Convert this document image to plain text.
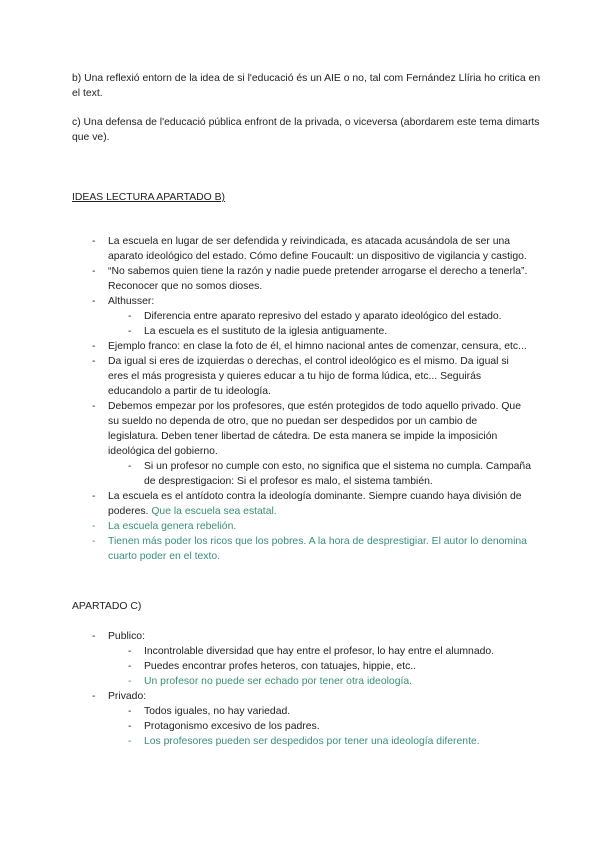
b) Una reflexió entorn de la idea de si l'educació és un AIE o no, tal com Fernández Llíria ho critica en el text.

c) Una defensa de l'educació pública enfront de la privada, o viceversa (abordarem este tema dimarts que ve).

IDEAS LECTURA APARTADO B)

- La escuela en lugar de ser defendida y reivindicada, es atacada acusándola de ser una aparato ideológico del estado. Cómo define Foucault: un dispositivo de vigilancia y castigo.
- “No sabemos quien tiene la razón y nadie puede pretender arrogarse el derecho a tenerla”. Reconocer que no somos dioses.
- Althusser:
- Diferencia entre aparato represivo del estado y aparato ideológico del estado.
- La escuela es el sustituto de la iglesia antiguamente.
- Ejemplo franco: en clase la foto de él, el himno nacional antes de comenzar, censura, etc...
- Da igual si eres de izquierdas o derechas, el control ideológico es el mismo. Da igual si eres el más progresista y quieres educar a tu hijo de forma lúdica, etc... Seguirás educandolo a partir de tu ideología.
- Debemos empezar por los profesores, que estén protegidos de todo aquello privado. Que su sueldo no dependa de otro, que no puedan ser despedidos por un cambio de legislatura. Deben tener libertad de cátedra. De esta manera se impide la imposición ideológica del gobierno.
- Si un profesor no cumple con esto, no significa que el sistema no cumpla. Campaña de desprestigacion: Si el profesor es malo, el sistema también.
- La escuela es el antídoto contra la ideología dominante. Siempre cuando haya división de poderes. Que la escuela sea estatal.
- La escuela genera rebelión.
- Tienen más poder los ricos que los pobres. A la hora de desprestigiar. El autor lo denomina cuarto poder en el texto.

APARTADO C)

- Publico:
- Incontrolable diversidad que hay entre el profesor, lo hay entre el alumnado.
- Puedes encontrar profes heteros, con tatuajes, hippie, etc..
- Un profesor no puede ser echado por tener otra ideología.
- Privado:
- Todos iguales, no hay variedad.
- Protagonismo excesivo de los padres.
- Los profesores pueden ser despedidos por tener una ideología diferente.
